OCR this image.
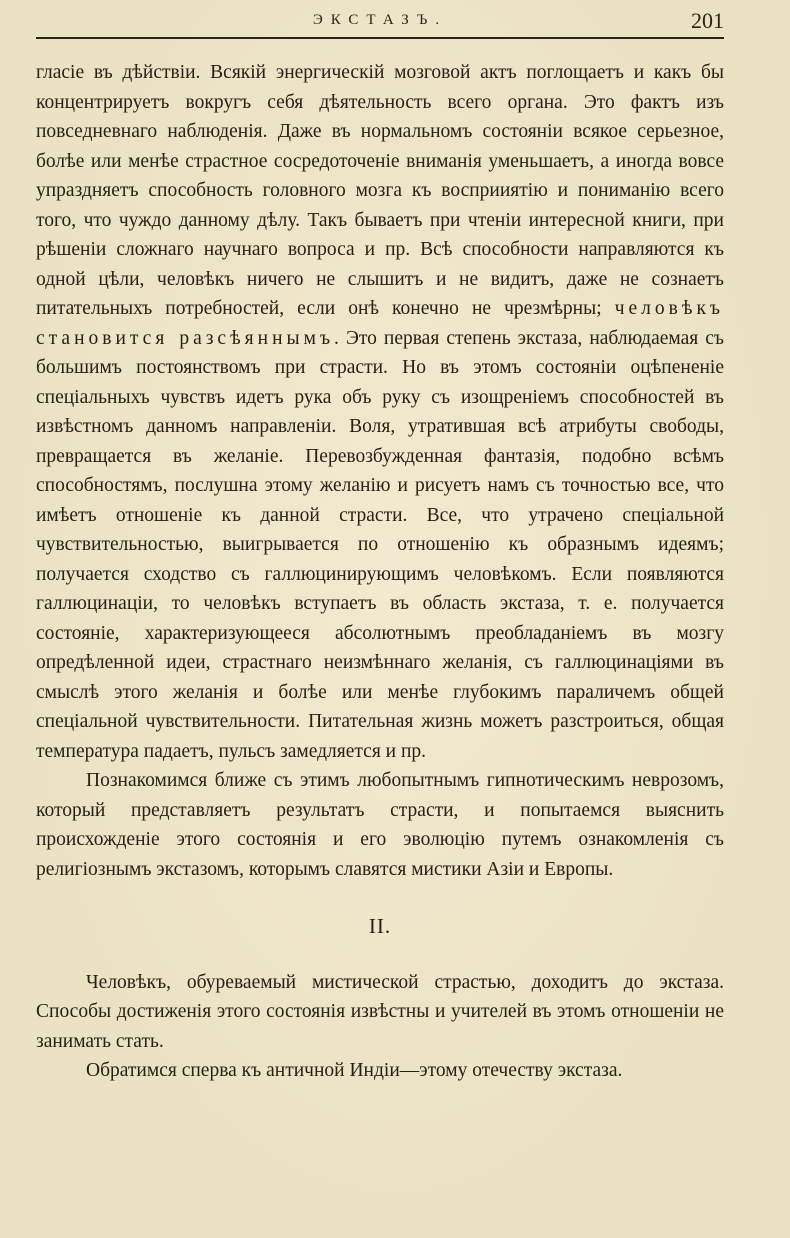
ЭКСТАЗЪ.	201

гласіе въ дѣйствіи. Всякій энергическій мозговой актъ поглощаетъ и какъ бы концентрируетъ вокругъ себя дѣятельность всего органа. Это фактъ изъ повседневнаго наблюденія. Даже въ нормальномъ состояніи всякое серьезное, болѣе или менѣе страстное сосредоточеніе вниманія уменьшаетъ, а иногда вовсе упраздняетъ способность головного мозга къ восприиятію и пониманію всего того, что чуждо данному дѣлу. Такъ бываетъ при чтеніи интересной книги, при рѣшеніи сложнаго научнаго вопроса и пр. Всѣ способности направляются къ одной цѣли, человѣкъ ничего не слышитъ и не видитъ, даже не сознаетъ питательныхъ потребностей, если онѣ конечно не чрезмѣрны; человѣкъ становится разсѣяннымъ. Это первая степень экстаза, наблюдаемая съ большимъ постоянствомъ при страсти. Но въ этомъ состояніи оцѣпененіе спеціальныхъ чувствъ идетъ рука объ руку съ изощреніемъ способностей въ извѣстномъ данномъ направленіи. Воля, утратившая всѣ атрибуты свободы, превращается въ желаніе. Перевозбужденная фантазія, подобно всѣмъ способностямъ, послушна этому желанію и рисуетъ намъ съ точностью все, что имѣетъ отношеніе къ данной страсти. Все, что утрачено спеціальной чувствительностью, выигрывается по отношенію къ образнымъ идеямъ; получается сходство съ галлюцинирующимъ человѣкомъ. Если появляются галлюцинаціи, то человѣкъ вступаетъ въ область экстаза, т. е. получается состояніе, характеризующееся абсолютнымъ преобладаніемъ въ мозгу опредѣленной идеи, страстнаго неизмѣннаго желанія, съ галлюцинаціями въ смыслѣ этого желанія и болѣе или менѣе глубокимъ параличемъ общей спеціальной чувствительности. Питательная жизнь можетъ разстроиться, общая температура падаетъ, пульсъ замедляется и пр.

Познакомимся ближе съ этимъ любопытнымъ гипнотическимъ неврозомъ, который представляетъ результатъ страсти, и попытаемся выяснить происхожденіе этого состоянія и его эволюцію путемъ ознакомленія съ религіознымъ экстазомъ, которымъ славятся мистики Азіи и Европы.

II.

Человѣкъ, обуреваемый мистической страстью, доходитъ до экстаза. Способы достиженія этого состоянія извѣстны и учителей въ этомъ отношеніи не занимать стать.

Обратимся сперва къ античной Индіи—этому отечеству экстаза.
